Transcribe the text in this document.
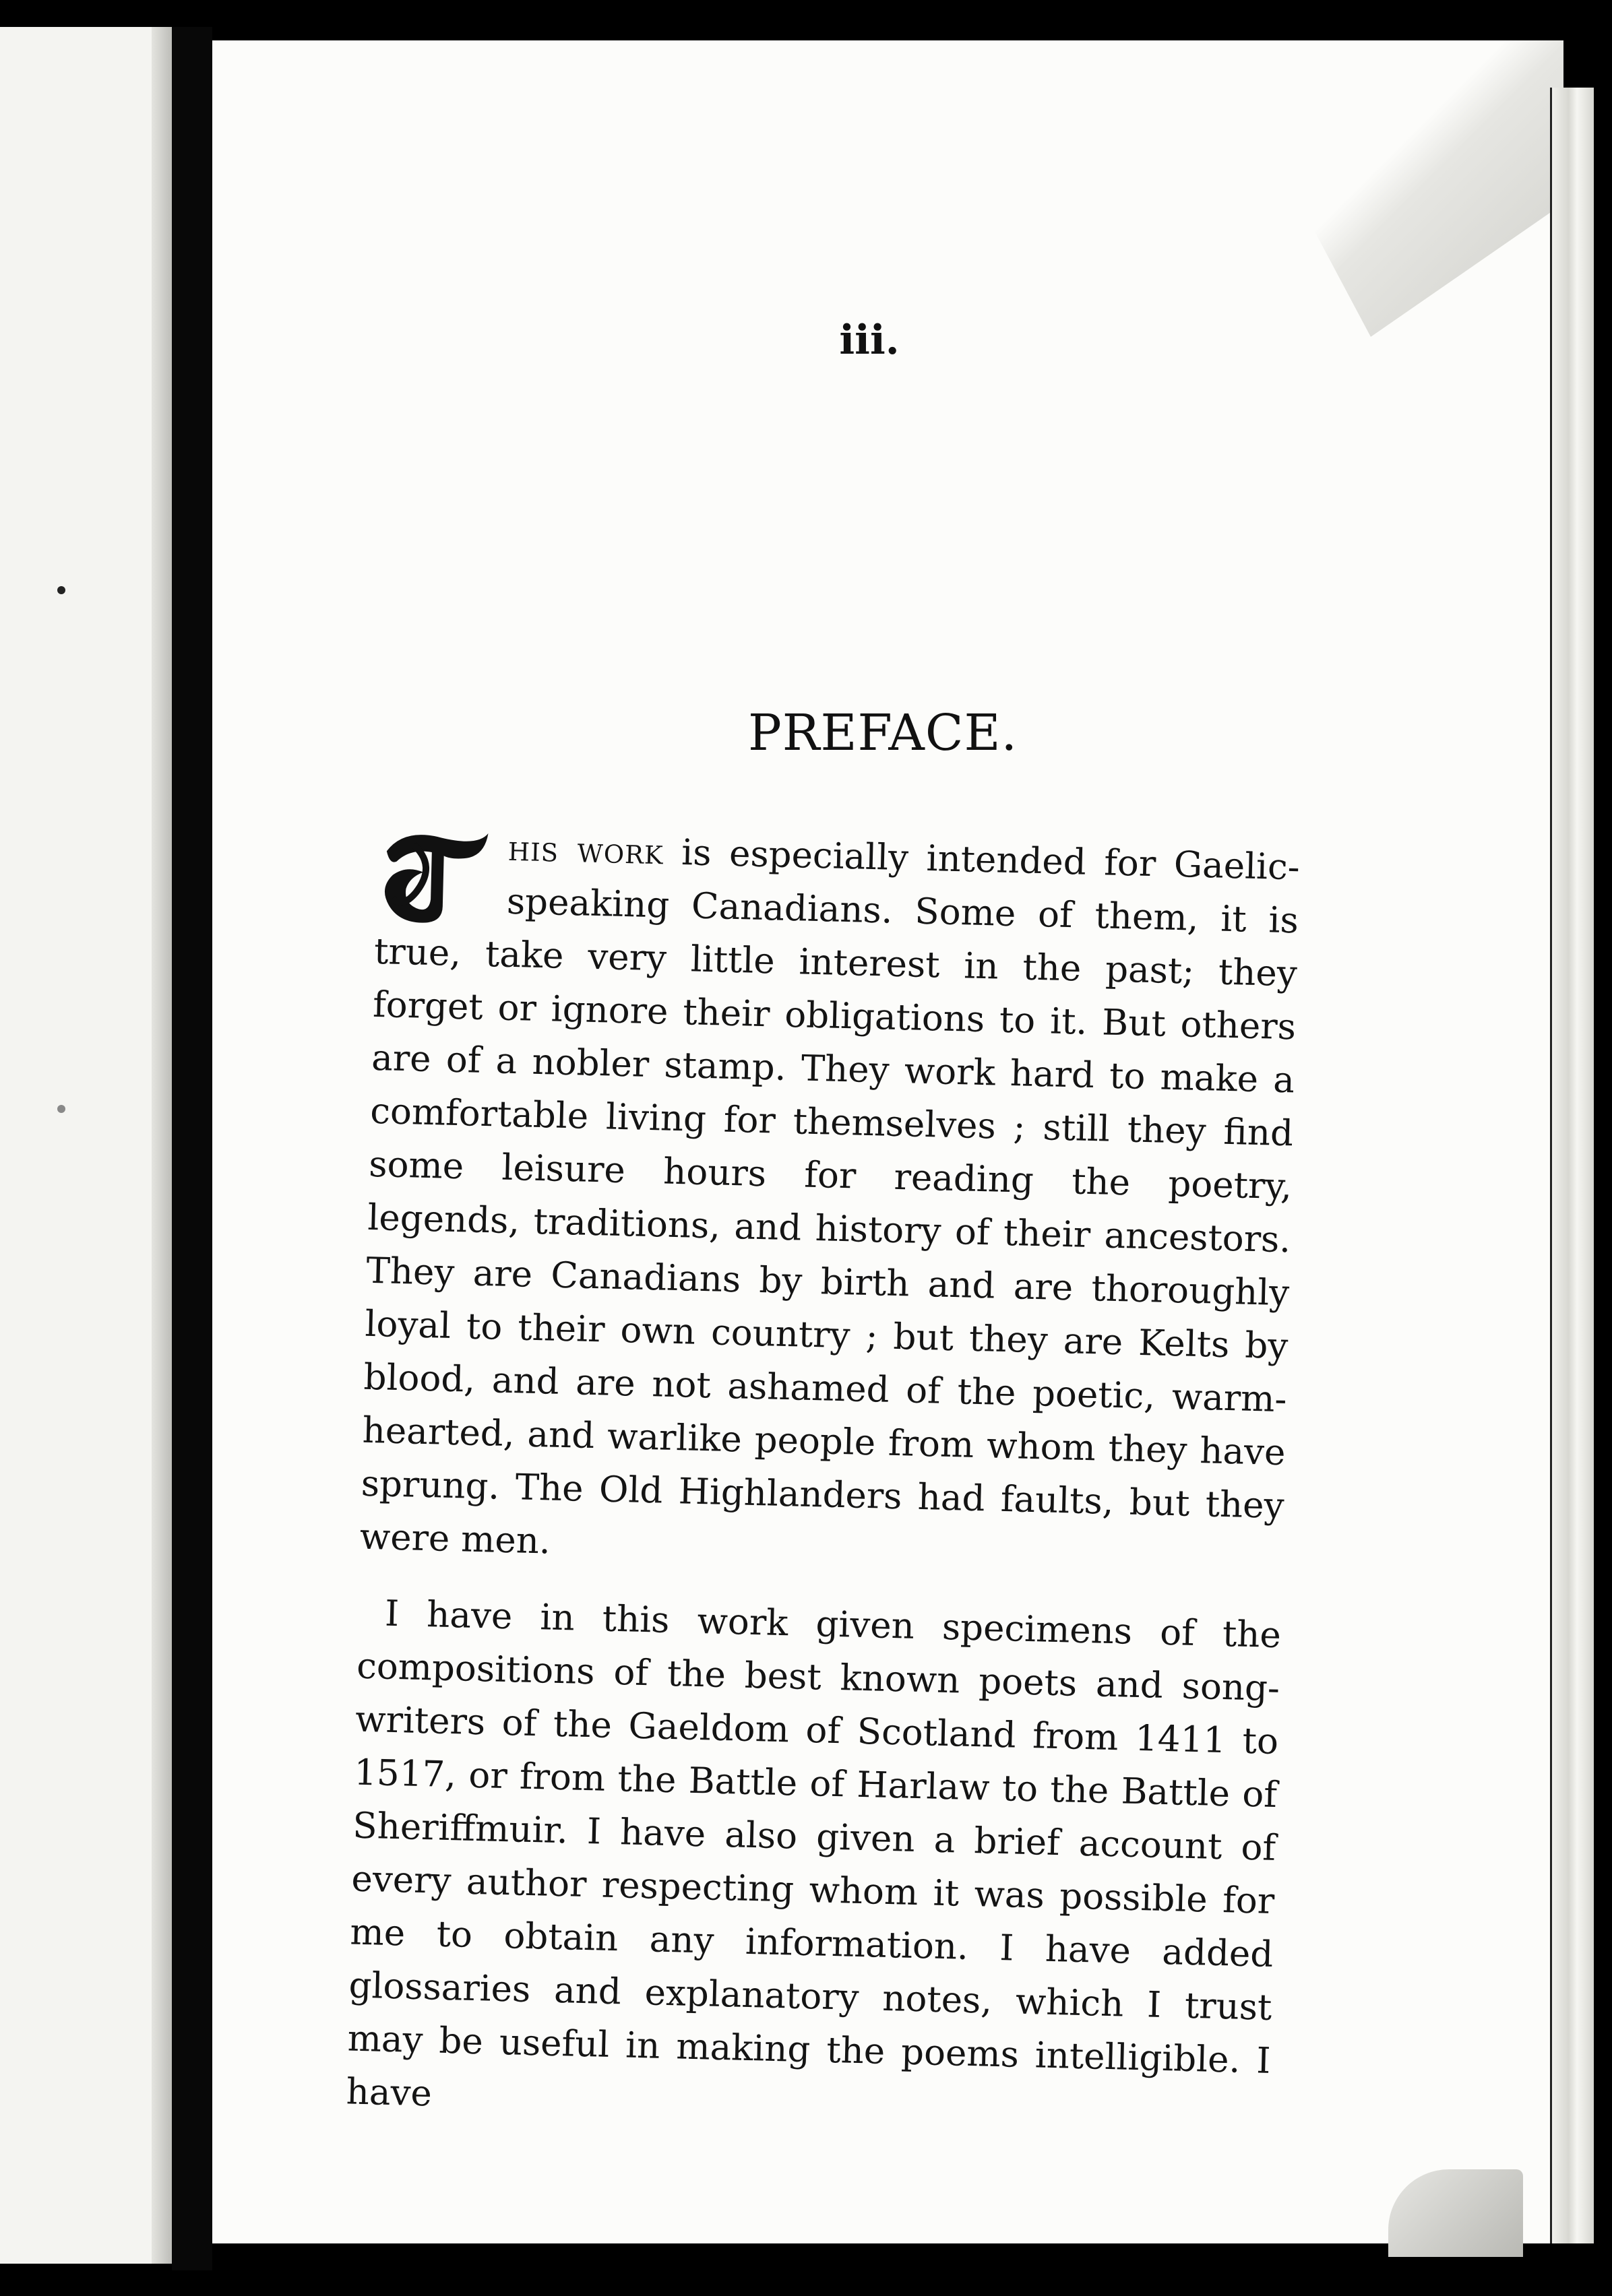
iii.
PREFACE.

his work is especially intended for Gaelic-speaking Canadians. Some of them, it is true, take very little interest in the past; they forget or ignore their obligations to it. But others are of a nobler stamp. They work hard to make a comfortable living for themselves ; still they find some leisure hours for reading the poetry, legends, traditions, and history of their ancestors. They are Canadians by birth and are thoroughly loyal to their own country ; but they are Kelts by blood, and are not ashamed of the poetic, warm-hearted, and warlike people from whom they have sprung. The Old Highlanders had faults, but they were men.

I have in this work given specimens of the compositions of the best known poets and song-writers of the Gaeldom of Scotland from 1411 to 1517, or from the Battle of Harlaw to the Battle of Sheriffmuir. I have also given a brief account of every author respecting whom it was possible for me to obtain any information. I have added glossaries and explanatory notes, which I trust may be useful in making the poems intelligible. I have
